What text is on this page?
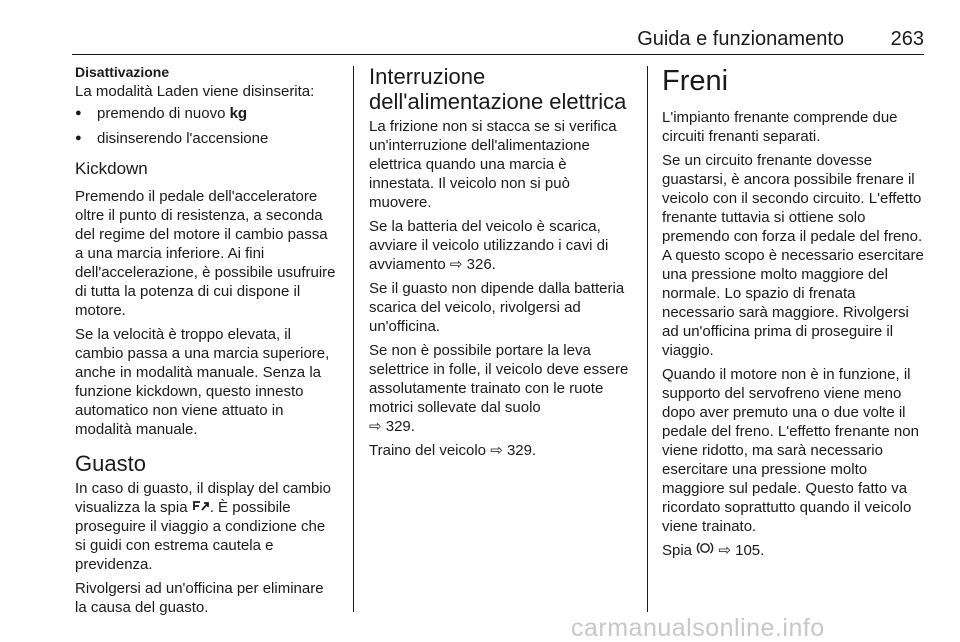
Guida e funzionamento 263
Disattivazione

La modalità Laden viene disinserita:

● premendo di nuovo kg
● disinserendo l'accensione
Kickdown

Premendo il pedale dell'acceleratore oltre il punto di resistenza, a seconda del regime del motore il cambio passa a una marcia inferiore. Ai fini dell'accelerazione, è possibile usufruire di tutta la potenza di cui dispone il motore.

Se la velocità è troppo elevata, il cambio passa a una marcia superiore, anche in modalità manuale. Senza la funzione kickdown, questo innesto automatico non viene attuato in modalità manuale.

Guasto

In caso di guasto, il display del cambio visualizza la spia . È possibile proseguire il viaggio a condizione che si guidi con estrema cautela e previdenza.

Rivolgersi ad un'officina per eliminare la causa del guasto.

Interruzione dell'alimentazione elettrica

La frizione non si stacca se si verifica un'interruzione dell'alimentazione elettrica quando una marcia è innestata. Il veicolo non si può muovere.

Se la batteria del veicolo è scarica, avviare il veicolo utilizzando i cavi di avviamento ⇨ 326.

Se il guasto non dipende dalla batteria scarica del veicolo, rivolgersi ad un'officina.

Se non è possibile portare la leva selettrice in folle, il veicolo deve essere assolutamente trainato con le ruote motrici sollevate dal suolo
⇨ 329.

Traino del veicolo ⇨ 329.

Freni

L'impianto frenante comprende due circuiti frenanti separati.

Se un circuito frenante dovesse guastarsi, è ancora possibile frenare il veicolo con il secondo circuito. L'effetto frenante tuttavia si ottiene solo premendo con forza il pedale del freno. A questo scopo è necessario esercitare una pressione molto maggiore del normale. Lo spazio di frenata necessario sarà maggiore. Rivolgersi ad un'officina prima di proseguire il viaggio.

Quando il motore non è in funzione, il supporto del servofreno viene meno dopo aver premuto una o due volte il pedale del freno. L'effetto frenante non viene ridotto, ma sarà necessario esercitare una pressione molto maggiore sul pedale. Questo fatto va ricordato soprattutto quando il veicolo viene trainato.

Spia ⇨ 105.

carmanualsonline.info
